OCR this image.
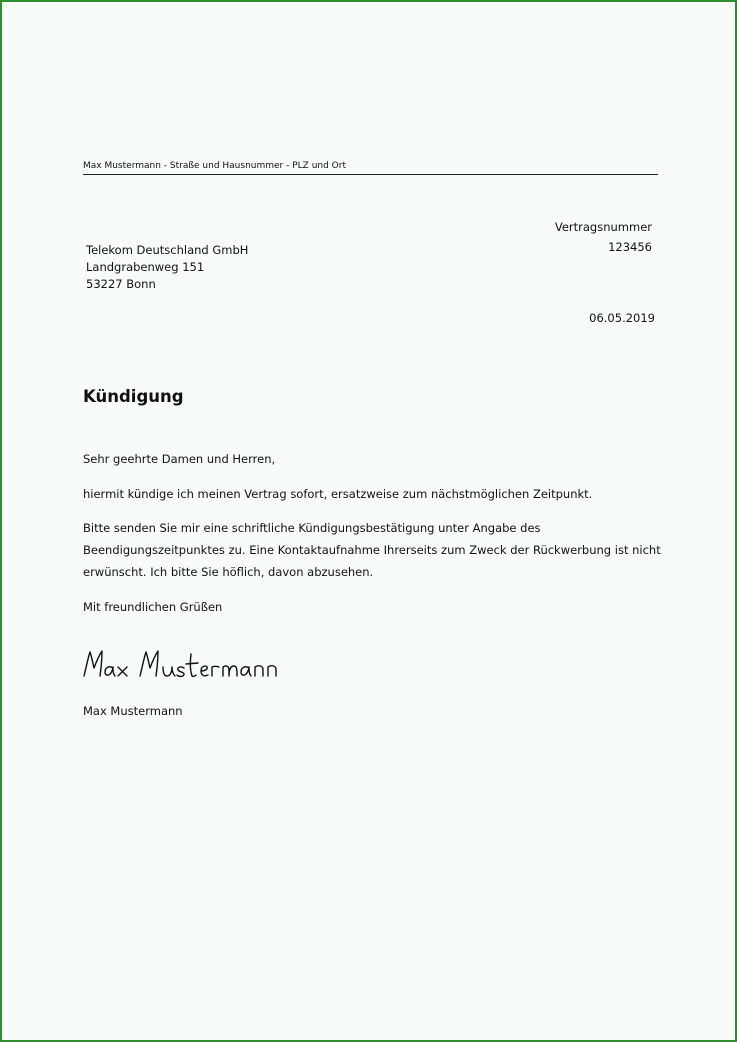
Max Mustermann - Straße und Hausnummer - PLZ und Ort
Telekom Deutschland GmbH
Landgrabenweg 151
53227 Bonn
Vertragsnummer
123456
06.05.2019
Kündigung
Sehr geehrte Damen und Herren,
hiermit kündige ich meinen Vertrag sofort, ersatzweise zum nächstmöglichen Zeitpunkt.
Bitte senden Sie mir eine schriftliche Kündigungsbestätigung unter Angabe des Beendigungszeitpunktes zu. Eine Kontaktaufnahme Ihrerseits zum Zweck der Rückwerbung ist nicht erwünscht. Ich bitte Sie höflich, davon abzusehen.
Mit freundlichen Grüßen
Max Mustermann
